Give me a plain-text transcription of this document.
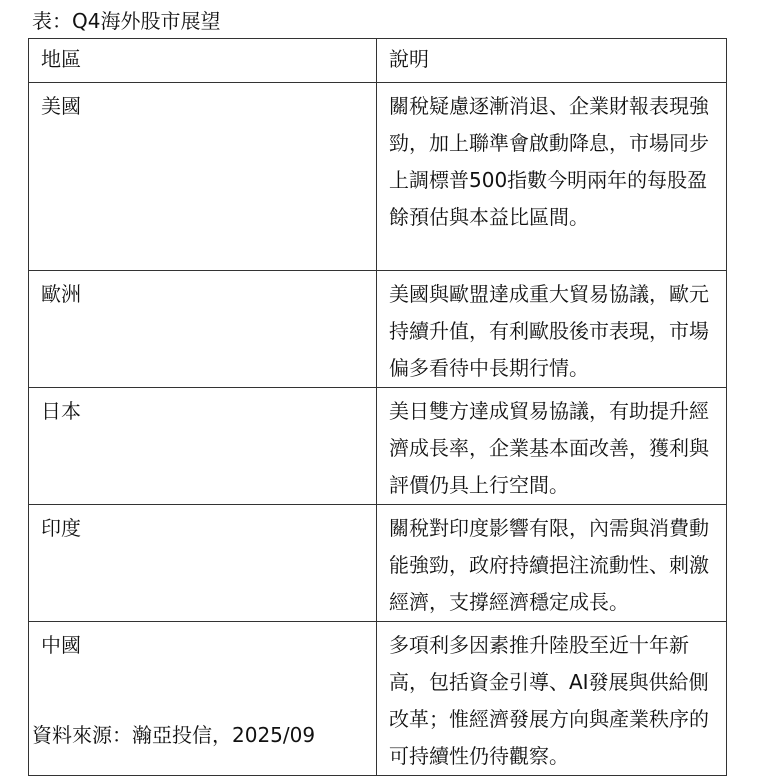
表：Q4海外股市展望
地區	說明
美國	關稅疑慮逐漸消退、企業財報表現強勁，加上聯準會啟動降息，市場同步上調標普500指數今明兩年的每股盈餘預估與本益比區間。
歐洲	美國與歐盟達成重大貿易協議，歐元持續升值，有利歐股後市表現，市場偏多看待中長期行情。
日本	美日雙方達成貿易協議，有助提升經濟成長率，企業基本面改善，獲利與評價仍具上行空間。
印度	關稅對印度影響有限，內需與消費動能強勁，政府持續挹注流動性、刺激經濟，支撐經濟穩定成長。
中國	多項利多因素推升陸股至近十年新高，包括資金引導、AI發展與供給側改革；惟經濟發展方向與產業秩序的可持續性仍待觀察。
資料來源：瀚亞投信，2025/09
